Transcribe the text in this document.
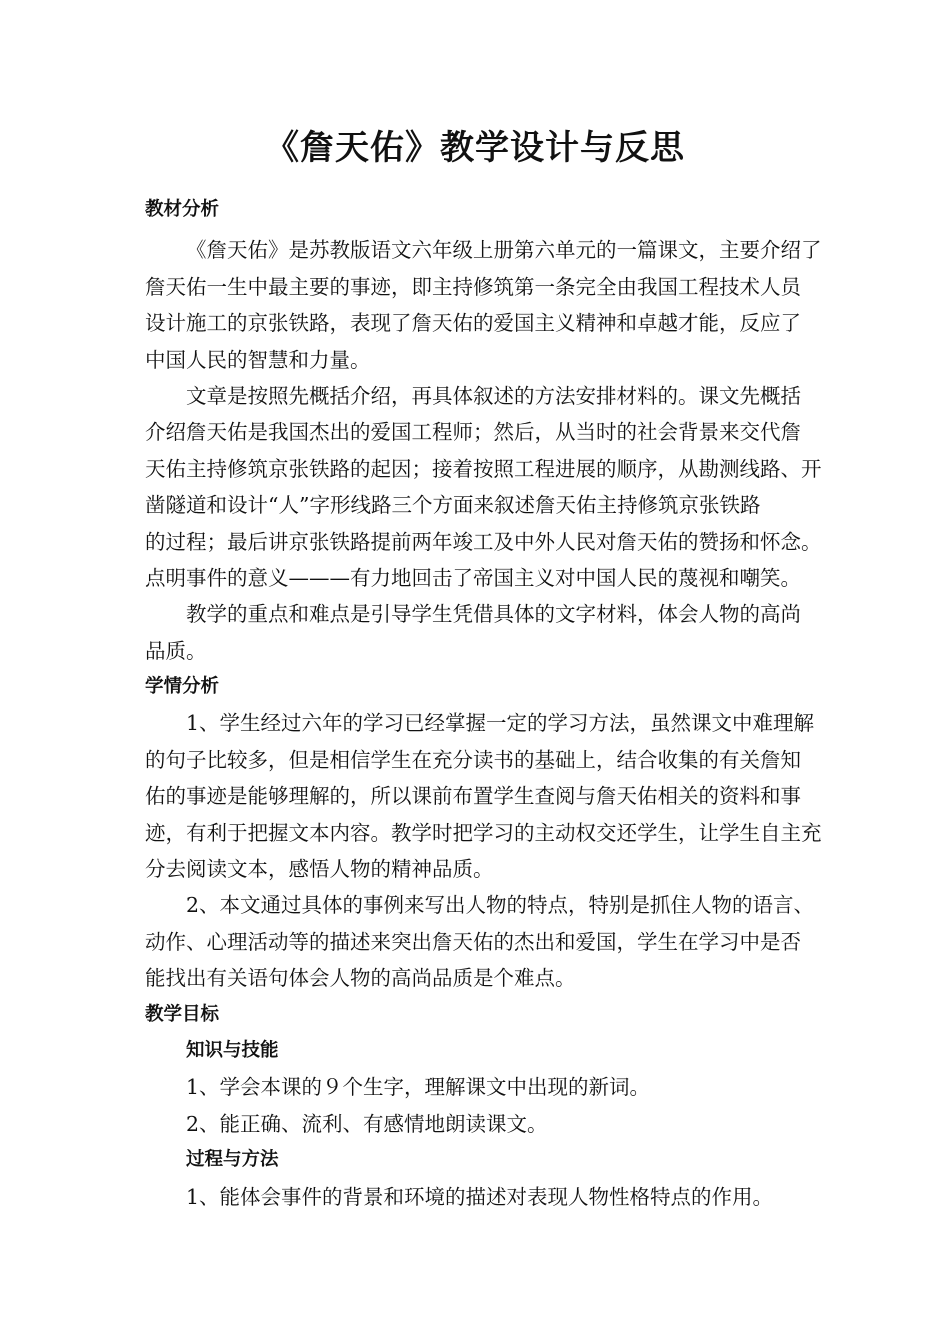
《詹天佑》教学设计与反思
教材分析
《詹天佑》是苏教版语文六年级上册第六单元的一篇课文，主要介绍了
詹天佑一生中最主要的事迹，即主持修筑第一条完全由我国工程技术人员
设计施工的京张铁路，表现了詹天佑的爱国主义精神和卓越才能，反应了
中国人民的智慧和力量。
文章是按照先概括介绍，再具体叙述的方法安排材料的。课文先概括
介绍詹天佑是我国杰出的爱国工程师；然后，从当时的社会背景来交代詹
天佑主持修筑京张铁路的起因；接着按照工程进展的顺序，从勘测线路、开
凿隧道和设计“人”字形线路三个方面来叙述詹天佑主持修筑京张铁路
的过程；最后讲京张铁路提前两年竣工及中外人民对詹天佑的赞扬和怀念。
点明事件的意义———有力地回击了帝国主义对中国人民的蔑视和嘲笑。
教学的重点和难点是引导学生凭借具体的文字材料，体会人物的高尚
品质。
学情分析
1、学生经过六年的学习已经掌握一定的学习方法，虽然课文中难理解
的句子比较多，但是相信学生在充分读书的基础上，结合收集的有关詹知
佑的事迹是能够理解的，所以课前布置学生查阅与詹天佑相关的资料和事
迹，有利于把握文本内容。教学时把学习的主动权交还学生，让学生自主充
分去阅读文本，感悟人物的精神品质。
2、本文通过具体的事例来写出人物的特点，特别是抓住人物的语言、
动作、心理活动等的描述来突出詹天佑的杰出和爱国，学生在学习中是否
能找出有关语句体会人物的高尚品质是个难点。
教学目标
知识与技能
1、学会本课的９个生字，理解课文中出现的新词。
2、能正确、流利、有感情地朗读课文。
过程与方法
1、能体会事件的背景和环境的描述对表现人物性格特点的作用。
